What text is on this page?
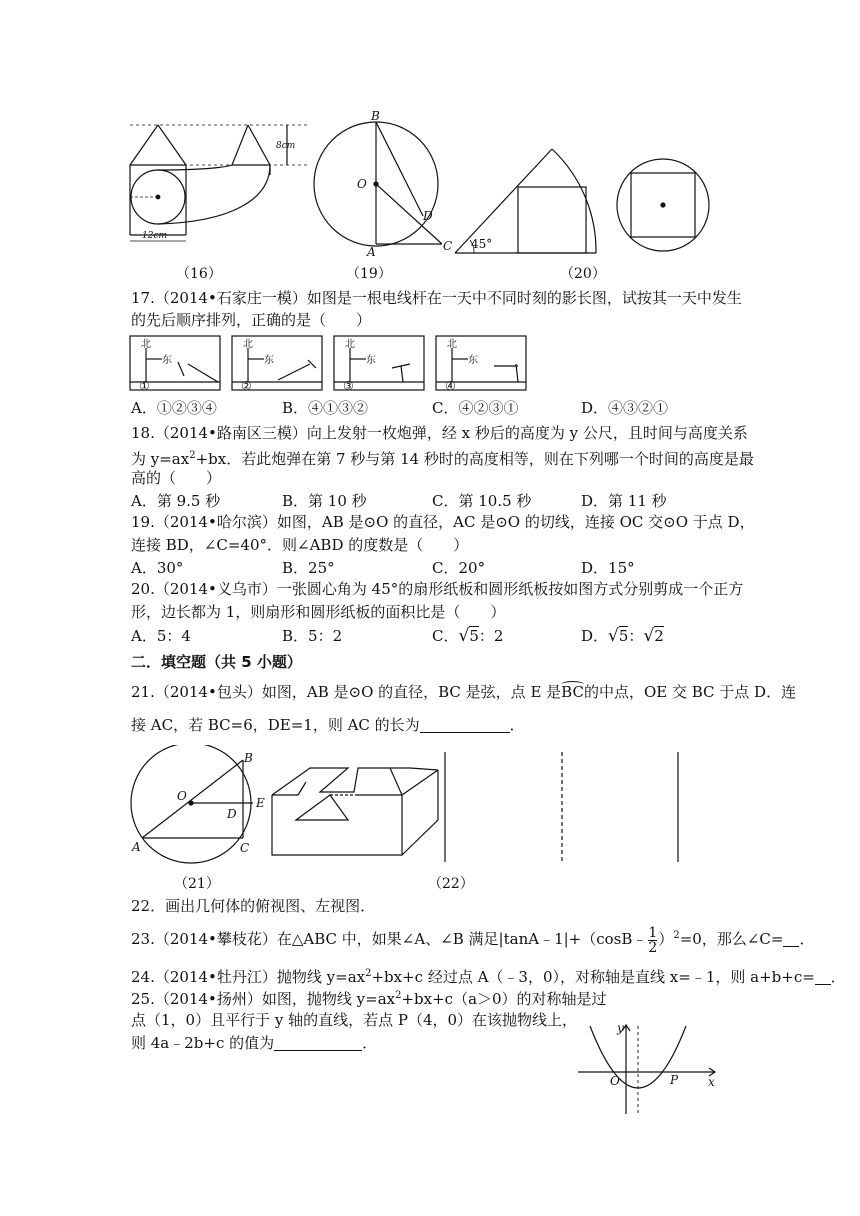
8cm
12cm
B
O
D
A	C 45°
（16）	（19）	（20）
17.（2014•石家庄一模）如图是一根电线杆在一天中不同时刻的影长图，试按其一天中发生
的先后顺序排列，正确的是（　　）
北
东
①
北
东
②
北
东
③
北
东
④
A．①②③④	B．④①③②	C．④②③①	D．④③②①
18.（2014•路南区三模）向上发射一枚炮弹，经 x 秒后的高度为 y 公尺，且时间与高度关系
为 $y=ax^2+bx$．若此炮弹在第 7 秒与第 14 秒时的高度相等，则在下列哪一个时间的高度是最
高的（　　）
A．第 9.5 秒	B．第 10 秒	C．第 10.5 秒	D．第 11 秒
19.（2014•哈尔滨）如图，AB 是⊙O 的直径，AC 是⊙O 的切线，连接 OC 交⊙O 于点 D，
连接 BD，∠C=40°．则∠ABD 的度数是（　　）
A．30°	B．25°	C．20°	D．15°
20.（2014•义乌市）一张圆心角为 45°的扇形纸板和圆形纸板按如图方式分别剪成一个正方
形，边长都为 1，则扇形和圆形纸板的面积比是（　　）
A．5：4	B．5：2	C．√5：2	D．√5：√2
二．填空题（共 5 小题）
21.（2014•包头）如图，AB 是⊙O 的直径，BC 是弦，点 E 是
BC的中点，OE 交 BC 于点 D．连
接 AC，若 BC=6，DE=1，则 AC 的长为	．
B
O	E
D
A	C
（21）	（22）
22．画出几何体的俯视图、左视图．
23.（2014•攀枝花）在△ABC 中，如果∠A、∠B 满足|tanA﹣1|+（cosB﹣ $\frac{1}{2} )^2=0$，那么∠C= ．
24.（2014•牡丹江）抛物线 $y=ax^2+bx+c$ 经过点 A（﹣3，0），对称轴是直线 x=﹣1，则 a+b+c= ．
25.（2014•扬州）如图，抛物线 $y=ax^2+bx+c(a>0)$的对称轴是过
点（1，0）且平行于 y 轴的直线，若点 P（4，0）在该抛物线上，
则 4a﹣2b+c 的值为	．
y
O	P x
